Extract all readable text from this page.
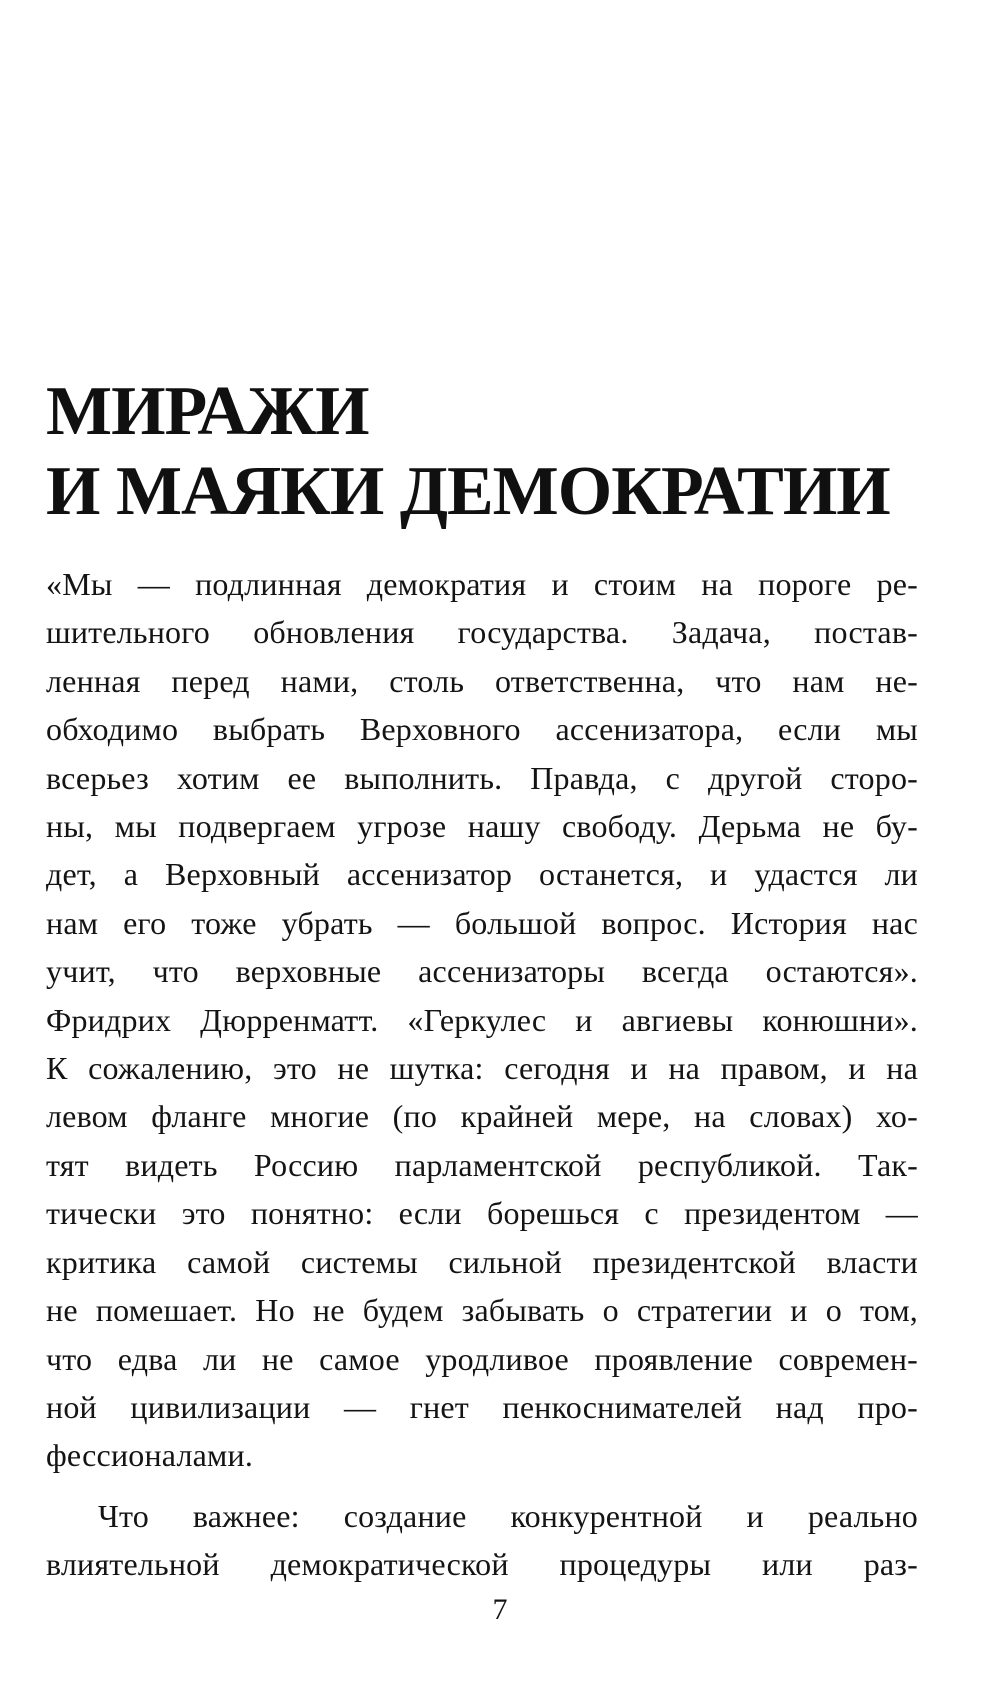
МИРАЖИ
И МАЯКИ ДЕМОКРАТИИ
«Мы — подлинная демократия и стоим на пороге ре-
шительного обновления государства. Задача, постав-
ленная перед нами, столь ответственна, что нам не-
обходимо выбрать Верховного ассенизатора, если мы
всерьез хотим ее выполнить. Правда, с другой сторо-
ны, мы подвергаем угрозе нашу свободу. Дерьма не бу-
дет, а Верховный ассенизатор останется, и удастся ли
нам его тоже убрать — большой вопрос. История нас
учит, что верховные ассенизаторы всегда остаются».
Фридрих Дюрренматт. «Геркулес и авгиевы конюшни».
К сожалению, это не шутка: сегодня и на правом, и на
левом фланге многие (по крайней мере, на словах) хо-
тят видеть Россию парламентской республикой. Так-
тически это понятно: если борешься с президентом —
критика самой системы сильной президентской власти
не помешает. Но не будем забывать о стратегии и о том,
что едва ли не самое уродливое проявление современ-
ной цивилизации — гнет пенкоснимателей над про-
фессионалами.
Что важнее: создание конкурентной и реально
влиятельной демократической процедуры или раз-
7
